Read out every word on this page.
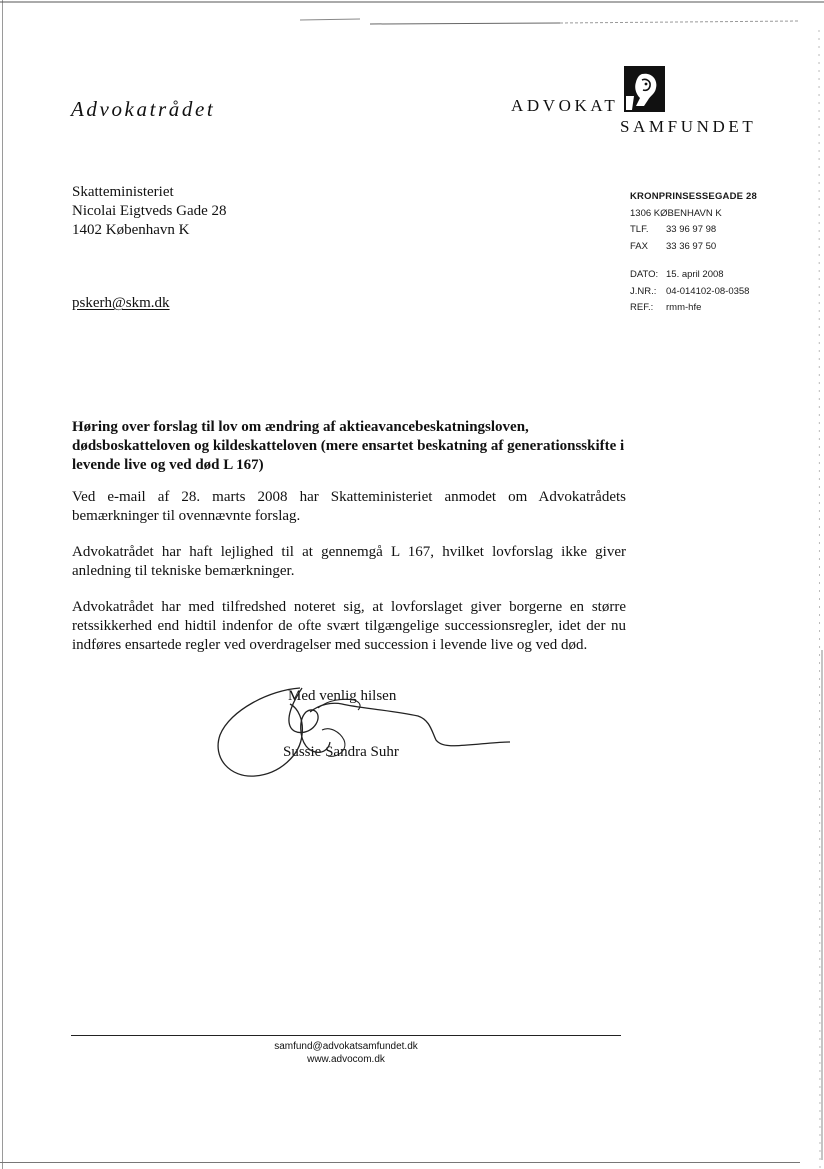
Advokatrådet	ADVOKAT
SAMFUNDET
Skatteministeriet
Nicolai Eigtveds Gade 28
1402 København K
pskerh@skm.dk
KRONPRINSESSEGADE 28
1306 KØBENHAVN K
TLF. 33 96 97 98
FAX 33 36 97 50
DATO: 15. april 2008
J.NR.: 04-014102-08-0358
REF.: rmm-hfe
Høring over forslag til lov om ændring af aktieavancebeskatningsloven, dødsboskatteloven og kildeskatteloven (mere ensartet beskatning af generationsskifte i levende live og ved død L 167)
Ved e-mail af 28. marts 2008 har Skatteministeriet anmodet om Advokatrådets bemærkninger til ovennævnte forslag.
Advokatrådet har haft lejlighed til at gennemgå L 167, hvilket lovforslag ikke giver anledning til tekniske bemærkninger.
Advokatrådet har med tilfredshed noteret sig, at lovforslaget giver borgerne en større retssikkerhed end hidtil indenfor de ofte svært tilgængelige successionsregler, idet der nu indføres ensartede regler ved overdragelser med succession i levende live og ved død.
Med venlig hilsen
Sussie Sandra Suhr
samfund@advokatsamfundet.dk
www.advocom.dk
